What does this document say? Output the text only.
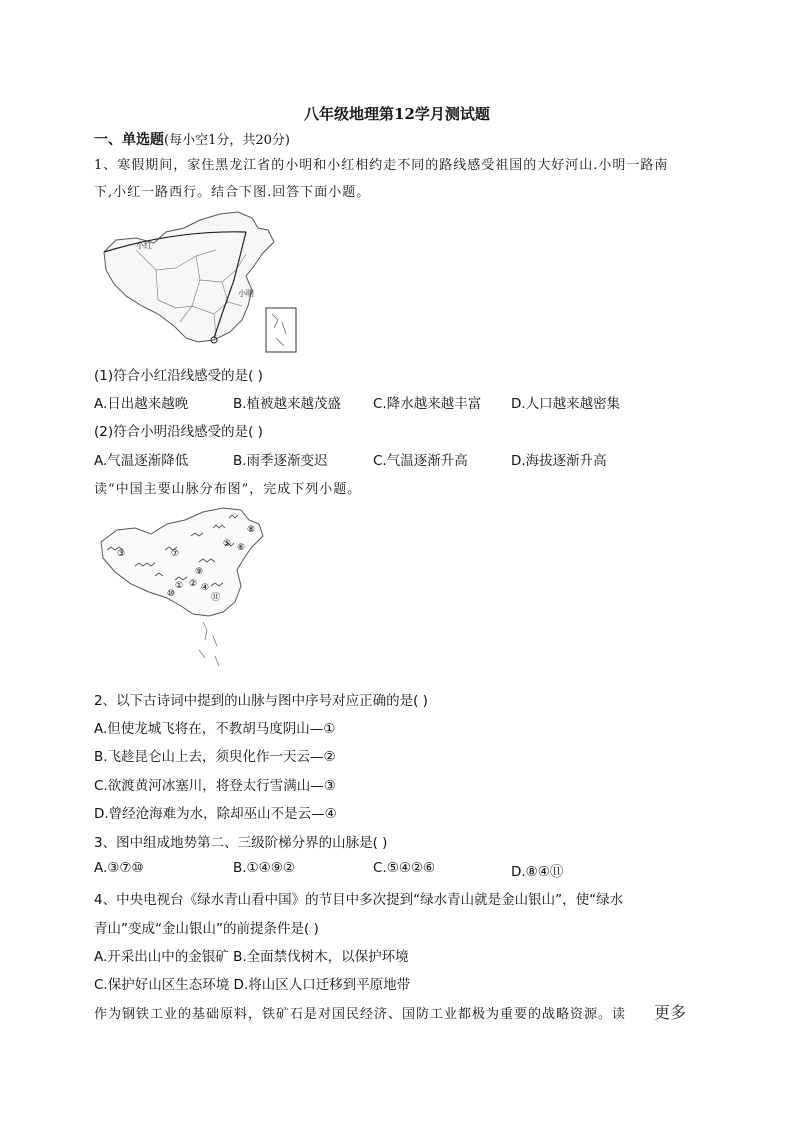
八年级地理第12学月测试题
一、单选题(每小空1分，共20分)
1、寒假期间，家住黑龙江省的小明和小红相约走不同的路线感受祖国的大好河山.小明一路南
下,小红一路西行。结合下图.回答下面小题。
小红
小明
(1)符合小红沿线感受的是( )
A.日出越来越晚	B.植被越来越茂盛 C.降水越来越丰富 D.人口越来越密集
(2)符合小明沿线感受的是( )
A.气温逐渐降低	B.雨季逐渐变迟	C.气温逐渐升高	D.海拔逐渐升高
读“中国主要山脉分布图”，完成下列小题。
③	⑦
⑤ ⑥
⑧
⑨
① ② ④
⑩	⑪
2、以下古诗词中提到的山脉与图中序号对应正确的是( )
A.但使龙城飞将在，不教胡马度阴山—①
B.飞趁昆仑山上去，须臾化作一天云—②
C.欲渡黄河冰塞川，将登太行雪满山—③
D.曾经沧海难为水，除却巫山不是云—④
3、图中组成地势第二、三级阶梯分界的山脉是( )
A.③⑦⑩	B.①④⑨②	C.⑤④②⑥	D.⑧④⑪
4、中央电视台《绿水青山看中国》的节目中多次提到“绿水青山就是金山银山”，使“绿水
青山”变成“金山银山”的前提条件是( )
A.开采出山中的金银矿 B.全面禁伐树木，以保护环境
C.保护好山区生态环境 D.将山区人口迁移到平原地带
作为钢铁工业的基础原料，铁矿石是对国民经济、国防工业都极为重要的战略资源。读 更多
